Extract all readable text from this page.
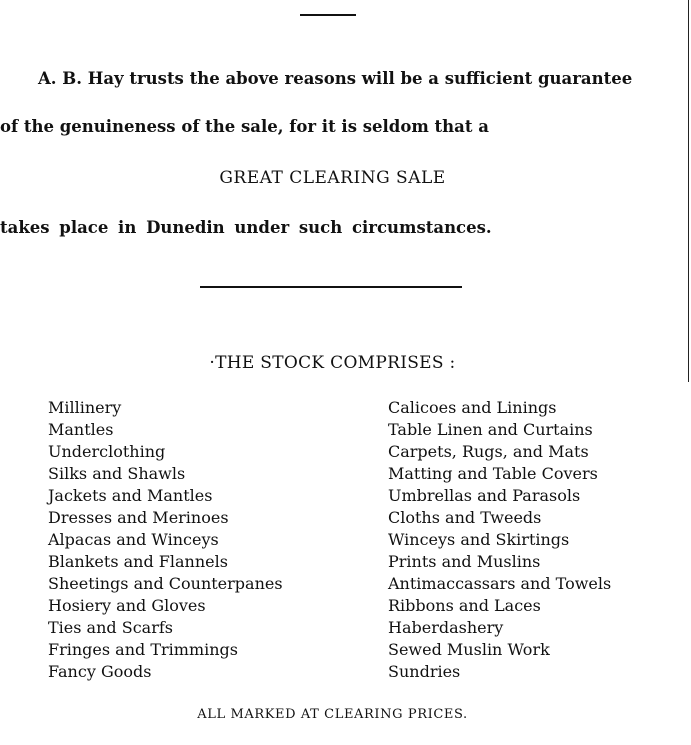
A. B. Hay trusts the above reasons will be a sufficient guarantee
of the genuineness of the sale, for it is seldom that a
GREAT CLEARING SALE
takes place in Dunedin under such circumstances.
·THE STOCK COMPRISES :
Millinery
Mantles
Underclothing
Silks and Shawls
Jackets and Mantles
Dresses and Merinoes
Alpacas and Winceys
Blankets and Flannels
Sheetings and Counterpanes
Hosiery and Gloves
Ties and Scarfs
Fringes and Trimmings
Fancy Goods
Calicoes and Linings
Table Linen and Curtains
Carpets, Rugs, and Mats
Matting and Table Covers
Umbrellas and Parasols
Cloths and Tweeds
Winceys and Skirtings
Prints and Muslins
Antimaccassars and Towels
Ribbons and Laces
Haberdashery
Sewed Muslin Work
Sundries
ALL MARKED AT CLEARING PRICES.
